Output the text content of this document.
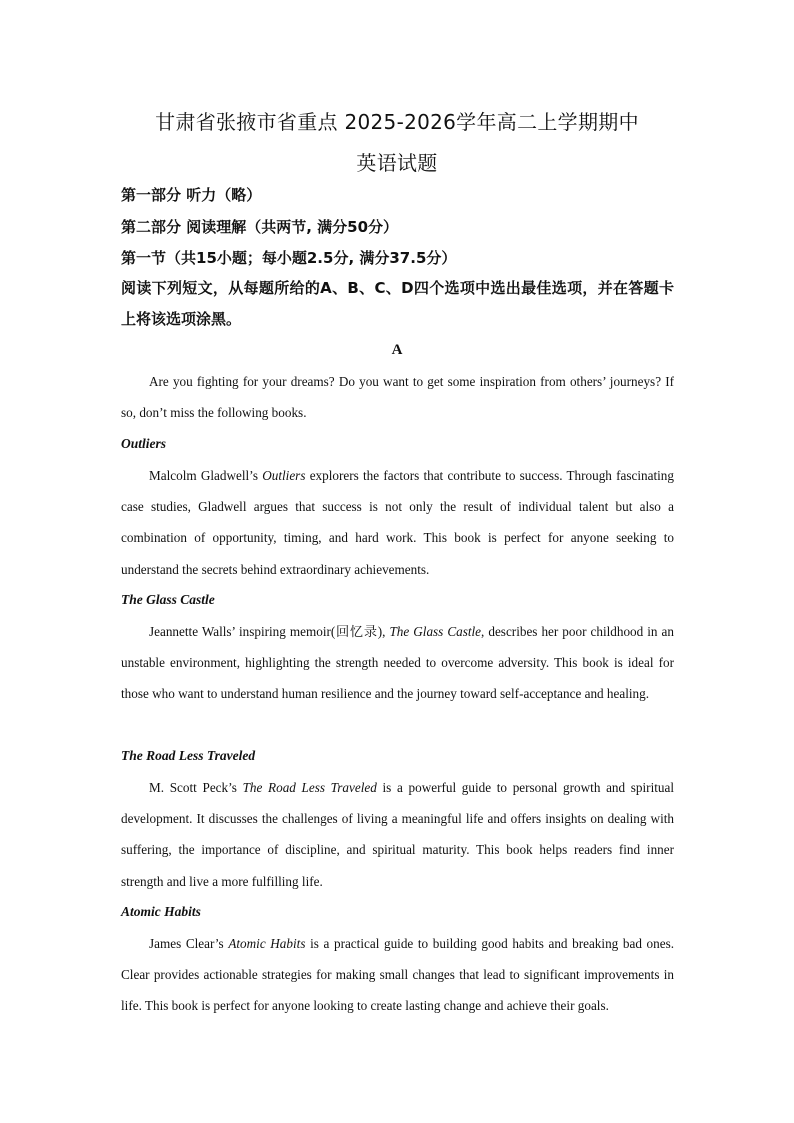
甘肃省张掖市省重点 2025-2026学年高二上学期期中
英语试题
第一部分 听力（略）
第二部分 阅读理解（共两节, 满分50分）
第一节（共15小题；每小题2.5分, 满分37.5分）
阅读下列短文，从每题所给的A、B、C、D四个选项中选出最佳选项，并在答题卡上将该选项涂黑。
A

Are you fighting for your dreams? Do you want to get some inspiration from others’ journeys? If so, don’t miss the following books.

Outliers

Malcolm Gladwell’s Outliers explorers the factors that contribute to success. Through fascinating case studies, Gladwell argues that success is not only the result of individual talent but also a combination of opportunity, timing, and hard work. This book is perfect for anyone seeking to understand the secrets behind extraordinary achievements.

The Glass Castle

Jeannette Walls’ inspiring memoir(回忆录), The Glass Castle, describes her poor childhood in an unstable environment, highlighting the strength needed to overcome adversity. This book is ideal for those who want to understand human resilience and the journey toward self-acceptance and healing.

The Road Less Traveled

M. Scott Peck’s The Road Less Traveled is a powerful guide to personal growth and spiritual development. It discusses the challenges of living a meaningful life and offers insights on dealing with suffering, the importance of discipline, and spiritual maturity. This book helps readers find inner strength and live a more fulfilling life.

Atomic Habits

James Clear’s Atomic Habits is a practical guide to building good habits and breaking bad ones. Clear provides actionable strategies for making small changes that lead to significant improvements in life. This book is perfect for anyone looking to create lasting change and achieve their goals.
